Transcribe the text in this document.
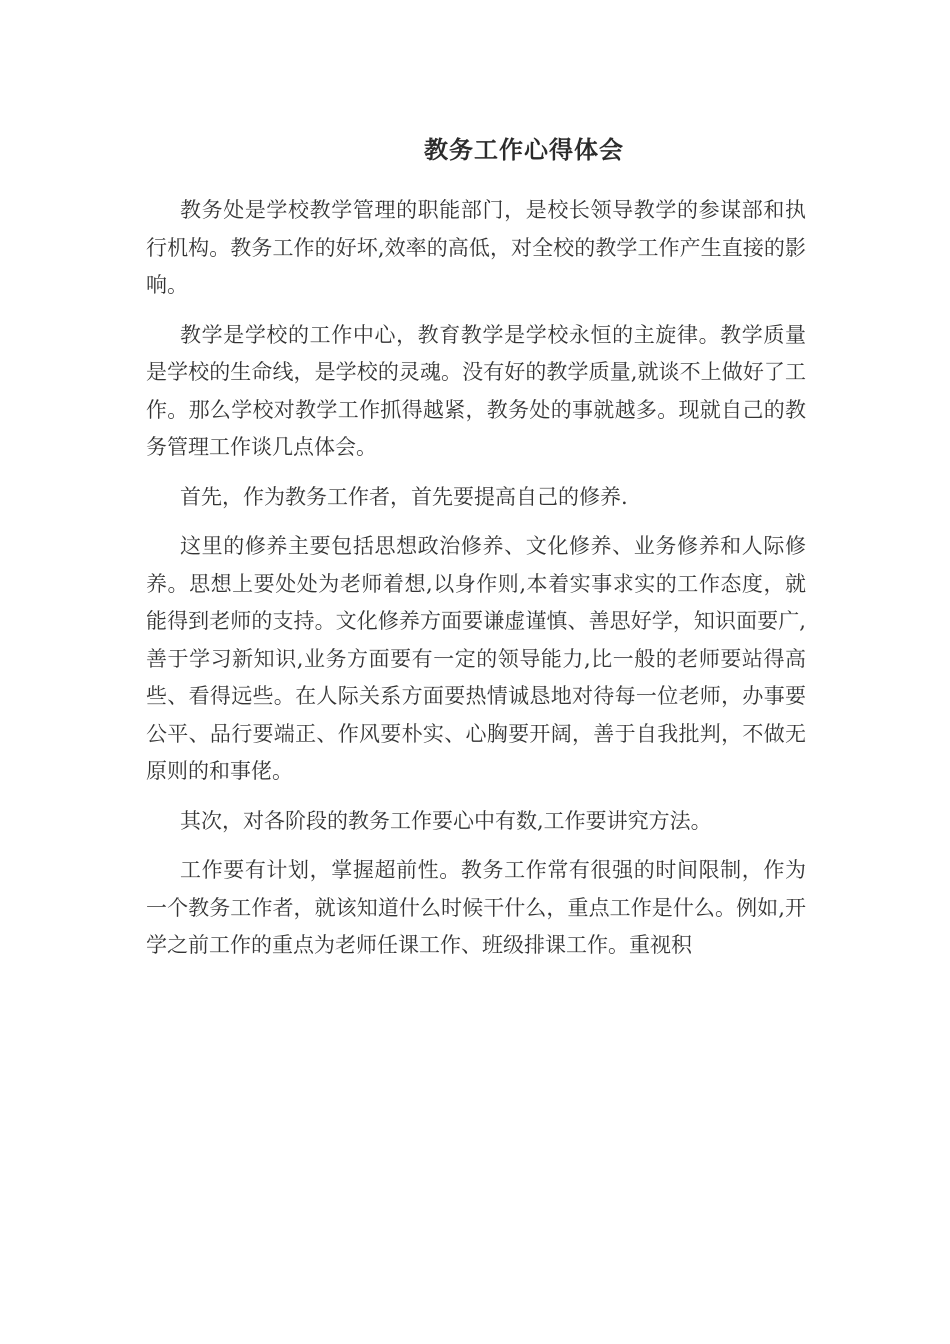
教务工作心得体会

教务处是学校教学管理的职能部门，是校长领导教学的参谋部和执行机构。教务工作的好坏,效率的高低，对全校的教学工作产生直接的影响。

教学是学校的工作中心，教育教学是学校永恒的主旋律。教学质量是学校的生命线，是学校的灵魂。没有好的教学质量,就谈不上做好了工作。那么学校对教学工作抓得越紧，教务处的事就越多。现就自己的教务管理工作谈几点体会。

首先，作为教务工作者，首先要提高自己的修养.

这里的修养主要包括思想政治修养、文化修养、业务修养和人际修养。思想上要处处为老师着想,以身作则,本着实事求实的工作态度，就能得到老师的支持。文化修养方面要谦虚谨慎、善思好学，知识面要广,善于学习新知识,业务方面要有一定的领导能力,比一般的老师要站得高些、看得远些。在人际关系方面要热情诚恳地对待每一位老师，办事要公平、品行要端正、作风要朴实、心胸要开阔，善于自我批判，不做无原则的和事佬。

其次，对各阶段的教务工作要心中有数,工作要讲究方法。

工作要有计划，掌握超前性。教务工作常有很强的时间限制，作为一个教务工作者，就该知道什么时候干什么，重点工作是什么。例如,开学之前工作的重点为老师任课工作、班级排课工作。重视积
